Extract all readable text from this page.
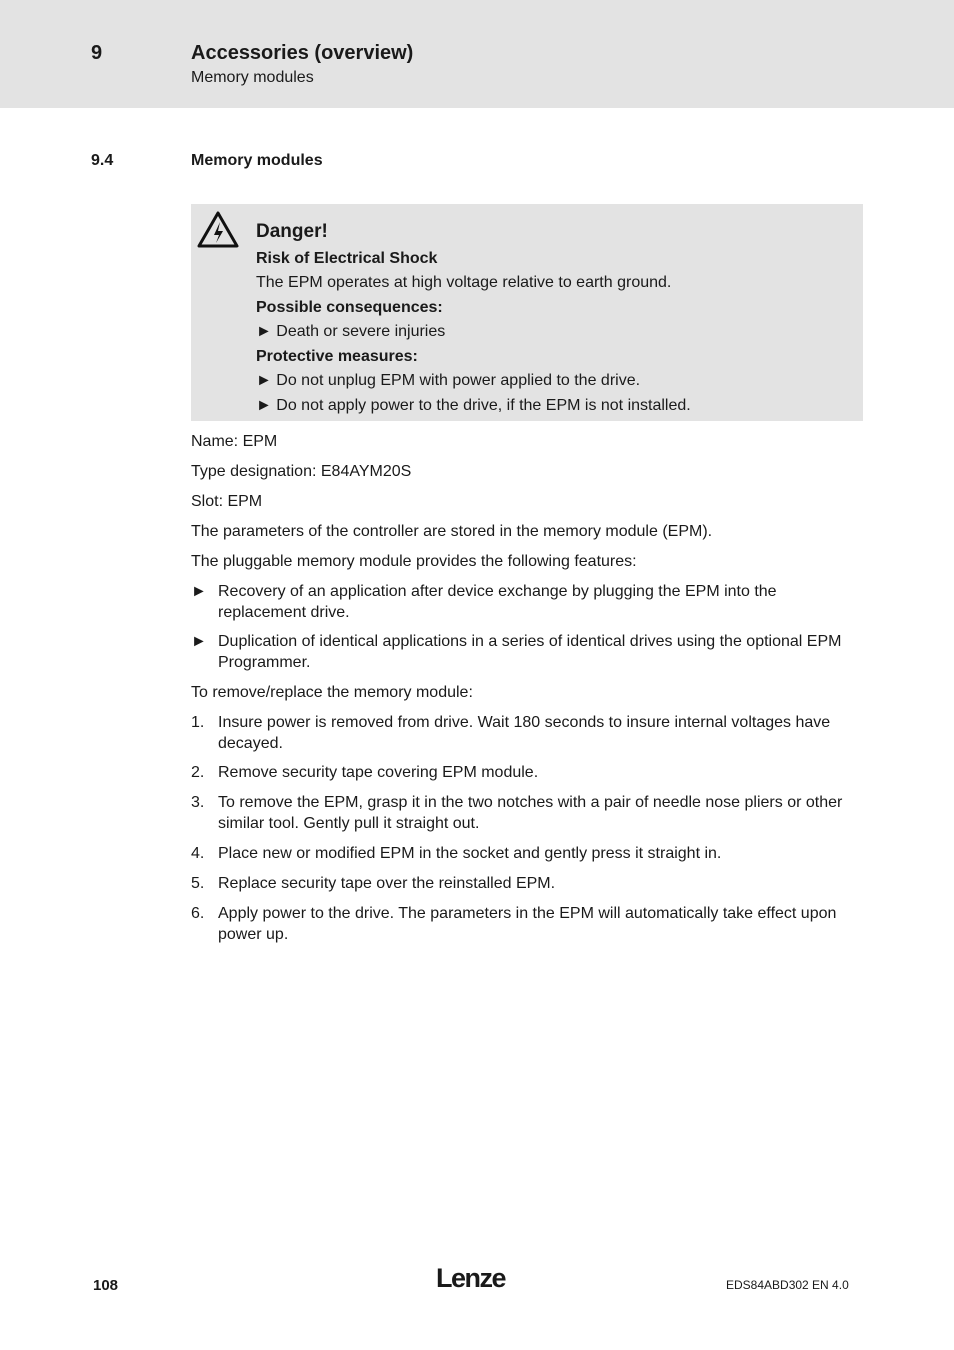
9	Accessories (overview)
Memory modules
9.4	Memory modules
Danger!
Risk of Electrical Shock
The EPM operates at high voltage relative to earth ground.
Possible consequences:
► Death or severe injuries
Protective measures:
► Do not unplug EPM with power applied to the drive.
► Do not apply power to the drive, if the EPM is not installed.
Name: EPM
Type designation: E84AYM20S
Slot: EPM
The parameters of the controller are stored in the memory module (EPM).
The pluggable memory module provides the following features:
► Recovery of an application after device exchange by plugging the EPM into the replacement drive.
► Duplication of identical applications in a series of identical drives using the optional EPM Programmer.
To remove/replace the memory module:
1. Insure power is removed from drive. Wait 180 seconds to insure internal voltages have decayed.
2. Remove security tape covering EPM module.
3. To remove the EPM, grasp it in the two notches with a pair of needle nose pliers or other similar tool. Gently pull it straight out.
4. Place new or modified EPM in the socket and gently press it straight in.
5. Replace security tape over the reinstalled EPM.
6. Apply power to the drive. The parameters in the EPM will automatically take effect upon power up.
108	Lenze	EDS84ABD302 EN 4.0
